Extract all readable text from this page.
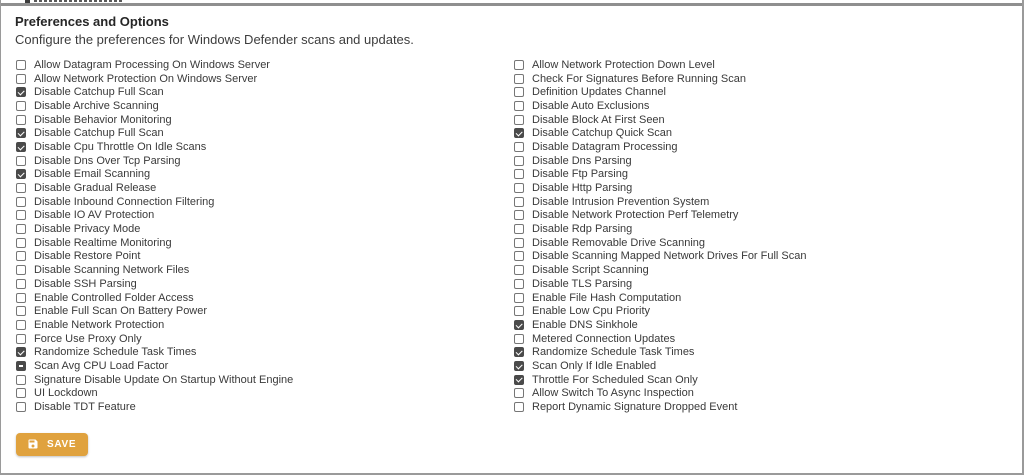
Preferences and Options
Configure the preferences for Windows Defender scans and updates.
Allow Datagram Processing On Windows Server
Allow Network Protection On Windows Server
Disable Catchup Full Scan
Disable Archive Scanning
Disable Behavior Monitoring
Disable Catchup Full Scan
Disable Cpu Throttle On Idle Scans
Disable Dns Over Tcp Parsing
Disable Email Scanning
Disable Gradual Release
Disable Inbound Connection Filtering
Disable IO AV Protection
Disable Privacy Mode
Disable Realtime Monitoring
Disable Restore Point
Disable Scanning Network Files
Disable SSH Parsing
Enable Controlled Folder Access
Enable Full Scan On Battery Power
Enable Network Protection
Force Use Proxy Only
Randomize Schedule Task Times
Scan Avg CPU Load Factor
Signature Disable Update On Startup Without Engine
UI Lockdown
Disable TDT Feature
Allow Network Protection Down Level
Check For Signatures Before Running Scan
Definition Updates Channel
Disable Auto Exclusions
Disable Block At First Seen
Disable Catchup Quick Scan
Disable Datagram Processing
Disable Dns Parsing
Disable Ftp Parsing
Disable Http Parsing
Disable Intrusion Prevention System
Disable Network Protection Perf Telemetry
Disable Rdp Parsing
Disable Removable Drive Scanning
Disable Scanning Mapped Network Drives For Full Scan
Disable Script Scanning
Disable TLS Parsing
Enable File Hash Computation
Enable Low Cpu Priority
Enable DNS Sinkhole
Metered Connection Updates
Randomize Schedule Task Times
Scan Only If Idle Enabled
Throttle For Scheduled Scan Only
Allow Switch To Async Inspection
Report Dynamic Signature Dropped Event
SAVE
